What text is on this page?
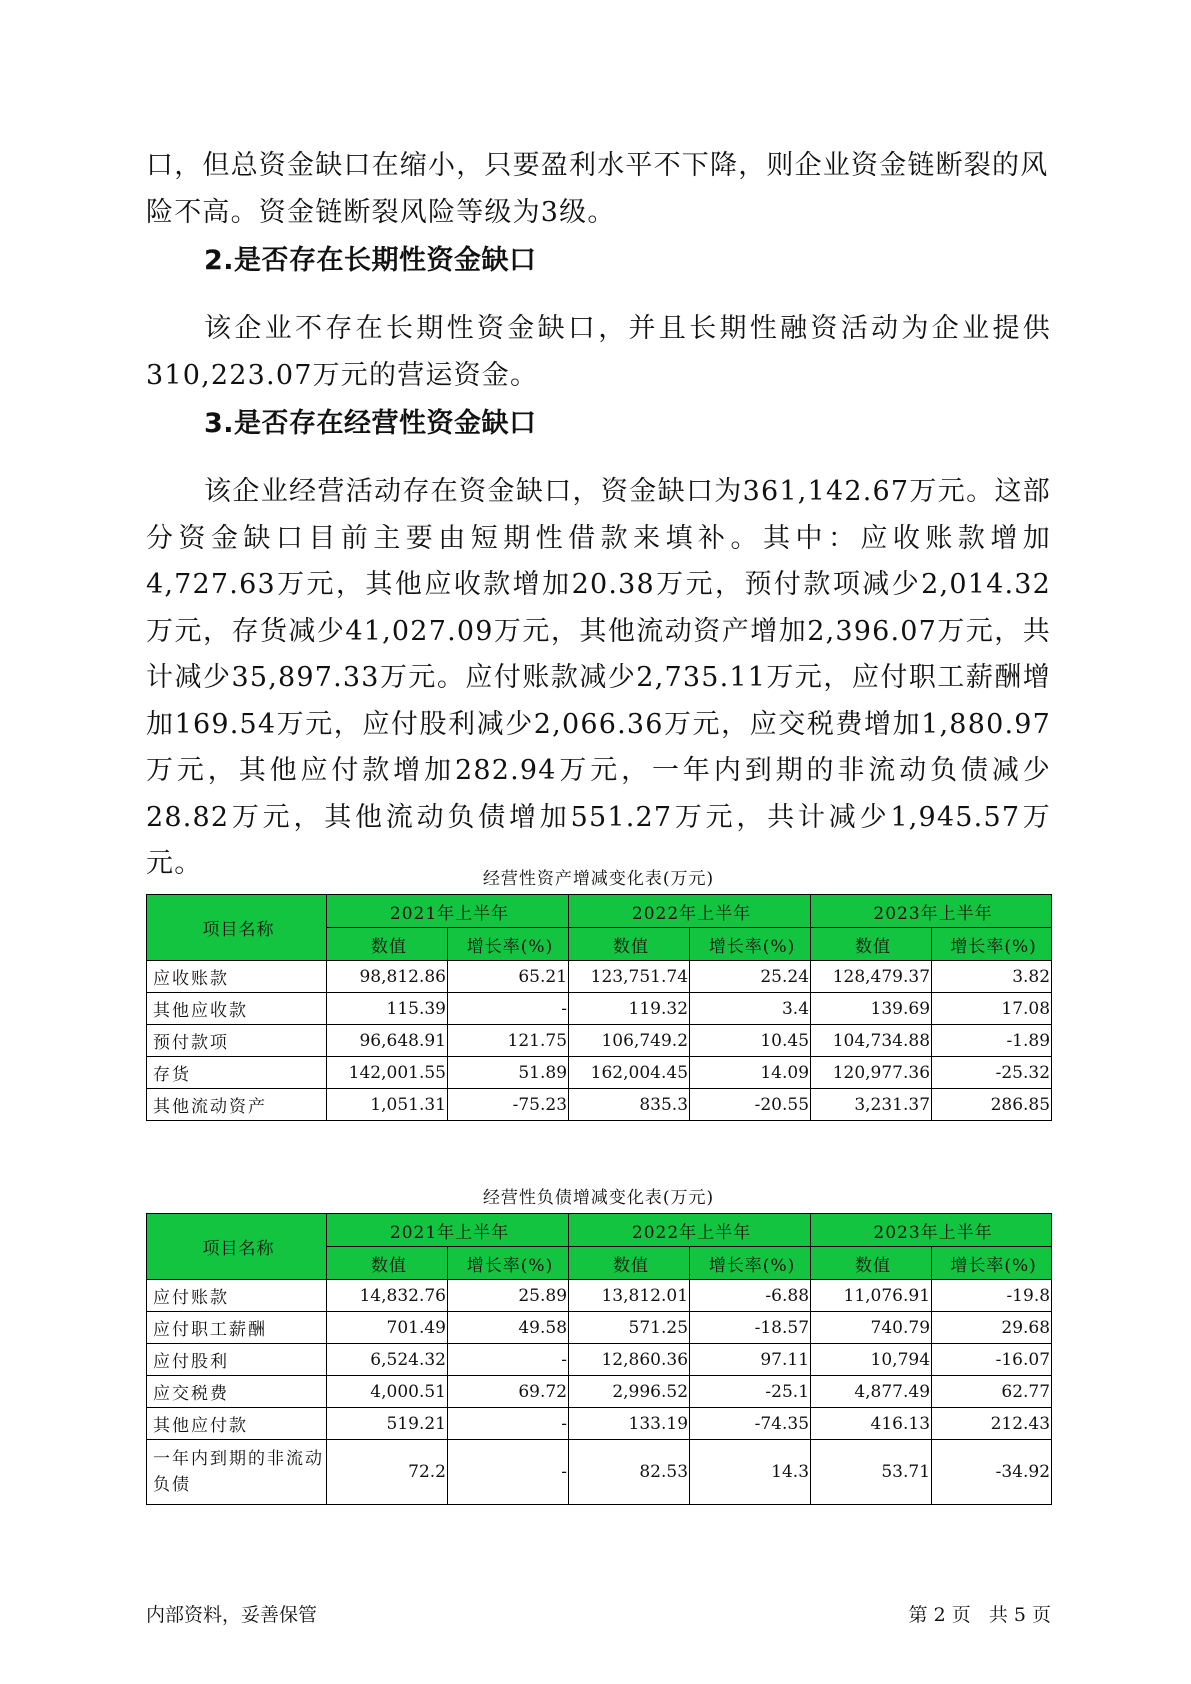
口，但总资金缺口在缩小，只要盈利水平不下降，则企业资金链断裂的风

险不高。资金链断裂风险等级为3级。

2.是否存在长期性资金缺口

该企业不存在长期性资金缺口，并且长期性融资活动为企业提供310,223.07万元的营运资金。

3.是否存在经营性资金缺口

该企业经营活动存在资金缺口，资金缺口为361,142.67万元。这部分资金缺口目前主要由短期性借款来填补。其中：应收账款增加4,727.63万元，其他应收款增加20.38万元，预付款项减少2,014.32万元，存货减少41,027.09万元，其他流动资产增加2,396.07万元，共计减少35,897.33万元。应付账款减少2,735.11万元，应付职工薪酬增加169.54万元，应付股利减少2,066.36万元，应交税费增加1,880.97万元，其他应付款增加282.94万元，一年内到期的非流动负债减少28.82万元，其他流动负债增加551.27万元，共计减少1,945.57万元。	经营性资产增减变化表(万元)
项目名称	2021年上半年		2022年上半年		2023年上半年	
	数值	增长率(%)	数值	增长率(%)	数值	增长率(%)
应收账款	98,812.86	65.21	123,751.74	25.24	128,479.37	3.82
其他应收款	115.39	-	119.32	3.4	139.69	17.08
预付款项	96,648.91	121.75	106,749.2	10.45	104,734.88	-1.89
存货	142,001.55	51.89	162,004.45	14.09	120,977.36	-25.32
其他流动资产	1,051.31	-75.23	835.3	-20.55	3,231.37	286.85
经营性负债增减变化表(万元)
项目名称	2021年上半年		2022年上半年		2023年上半年	
	数值	增长率(%)	数值	增长率(%)	数值	增长率(%)
应付账款	14,832.76	25.89	13,812.01	-6.88	11,076.91	-19.8
应付职工薪酬	701.49	49.58	571.25	-18.57	740.79	29.68
应付股利	6,524.32	-	12,860.36	97.11	10,794	-16.07
应交税费	4,000.51	69.72	2,996.52	-25.1	4,877.49	62.77
其他应付款	519.21	-	133.19	-74.35	416.13	212.43
一年内到期的非流动负债	72.2	-	82.53	14.3	53.71	-34.92
内部资料，妥善保管	第 2 页   共 5 页
